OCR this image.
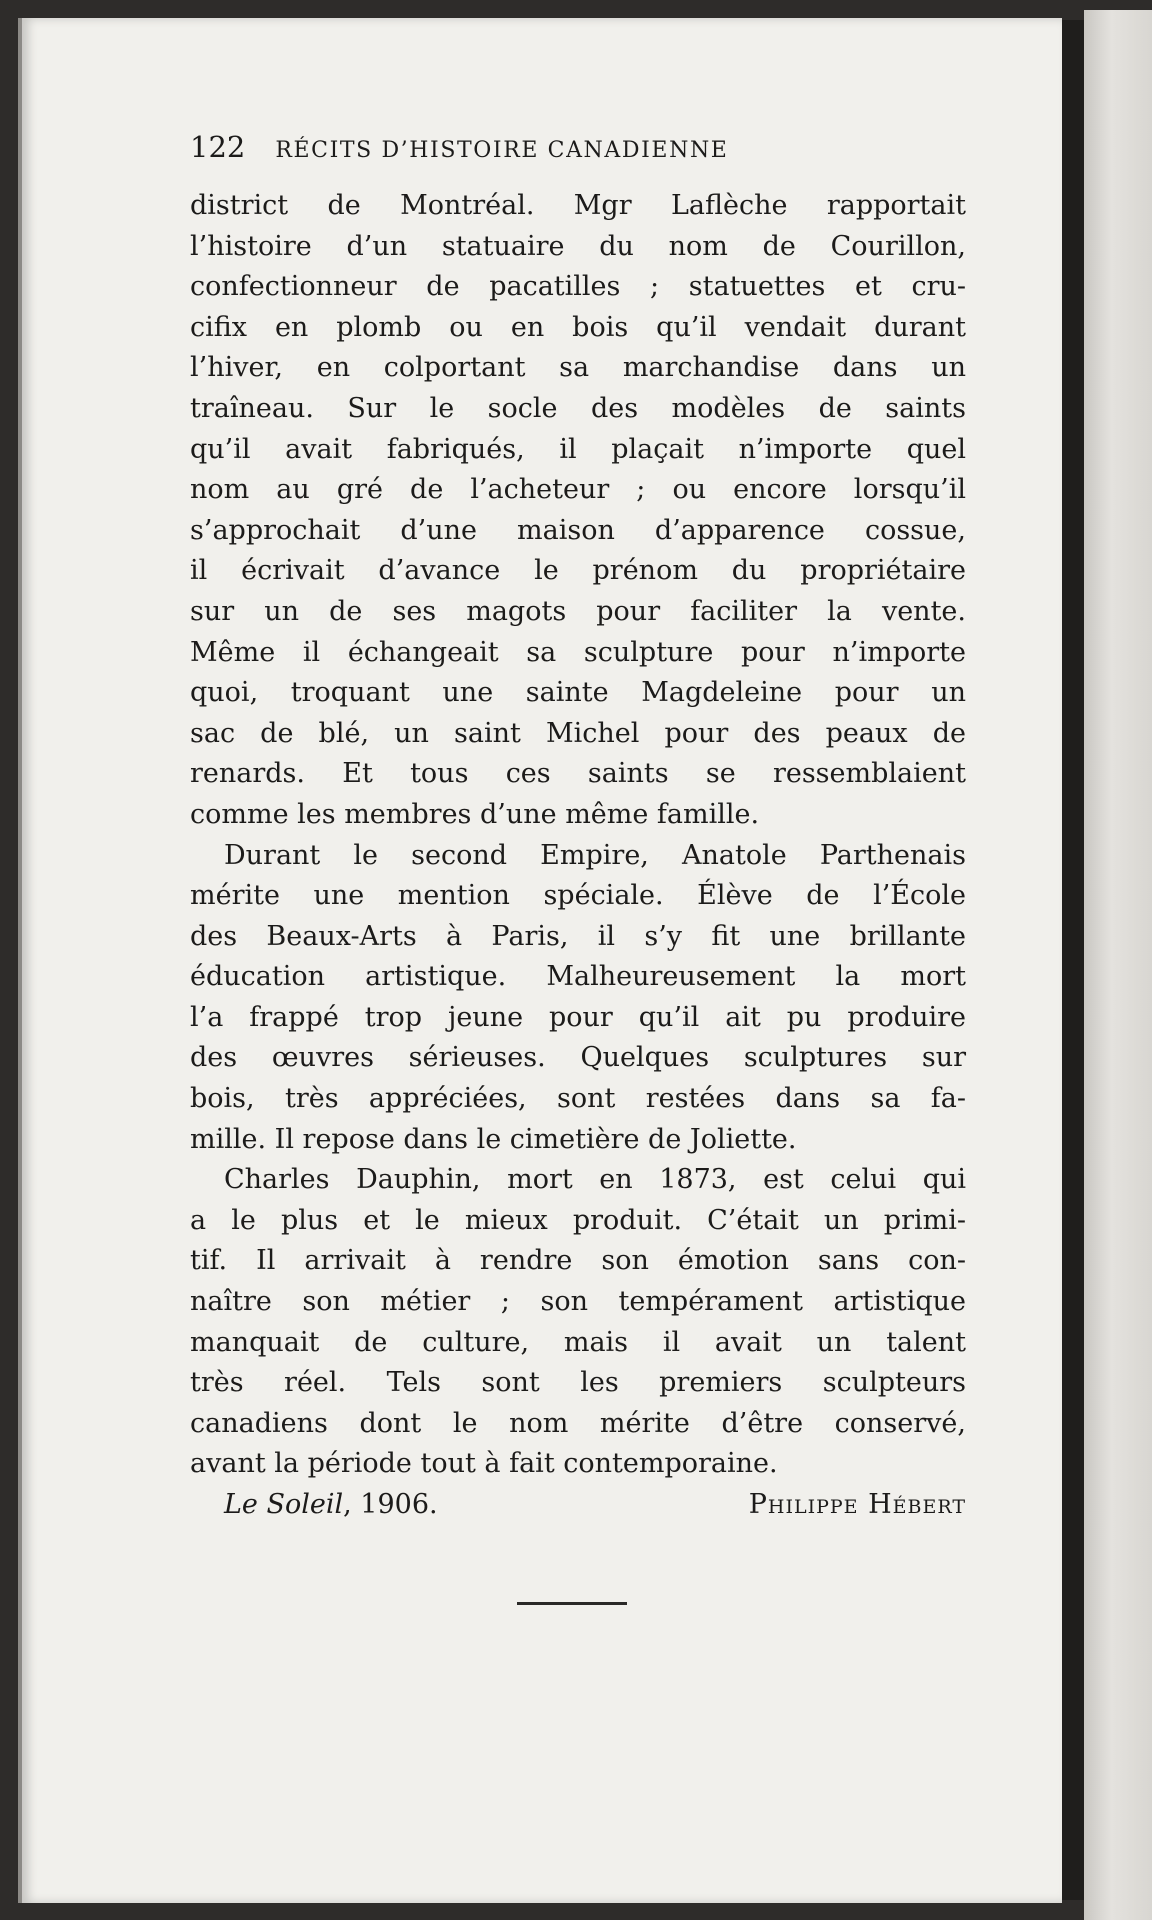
122 RÉCITS D’HISTOIRE CANADIENNE
district de Montréal. Mgr Laflèche rapportait
l’histoire d’un statuaire du nom de Courillon,
confectionneur de pacatilles ; statuettes et cru-
cifix en plomb ou en bois qu’il vendait durant
l’hiver, en colportant sa marchandise dans un
traîneau. Sur le socle des modèles de saints
qu’il avait fabriqués, il plaçait n’importe quel
nom au gré de l’acheteur ; ou encore lorsqu’il
s’approchait d’une maison d’apparence cossue,
il écrivait d’avance le prénom du propriétaire
sur un de ses magots pour faciliter la vente.
Même il échangeait sa sculpture pour n’importe
quoi, troquant une sainte Magdeleine pour un
sac de blé, un saint Michel pour des peaux de
renards. Et tous ces saints se ressemblaient
comme les membres d’une même famille.
Durant le second Empire, Anatole Parthenais
mérite une mention spéciale. Élève de l’École
des Beaux-Arts à Paris, il s’y fit une brillante
éducation artistique. Malheureusement la mort
l’a frappé trop jeune pour qu’il ait pu produire
des œuvres sérieuses. Quelques sculptures sur
bois, très appréciées, sont restées dans sa fa-
mille. Il repose dans le cimetière de Joliette.
Charles Dauphin, mort en 1873, est celui qui
a le plus et le mieux produit. C’était un primi-
tif. Il arrivait à rendre son émotion sans con-
naître son métier ; son tempérament artistique
manquait de culture, mais il avait un talent
très réel. Tels sont les premiers sculpteurs
canadiens dont le nom mérite d’être conservé,
avant la période tout à fait contemporaine.
Le Soleil, 1906.	Philippe Hébert
